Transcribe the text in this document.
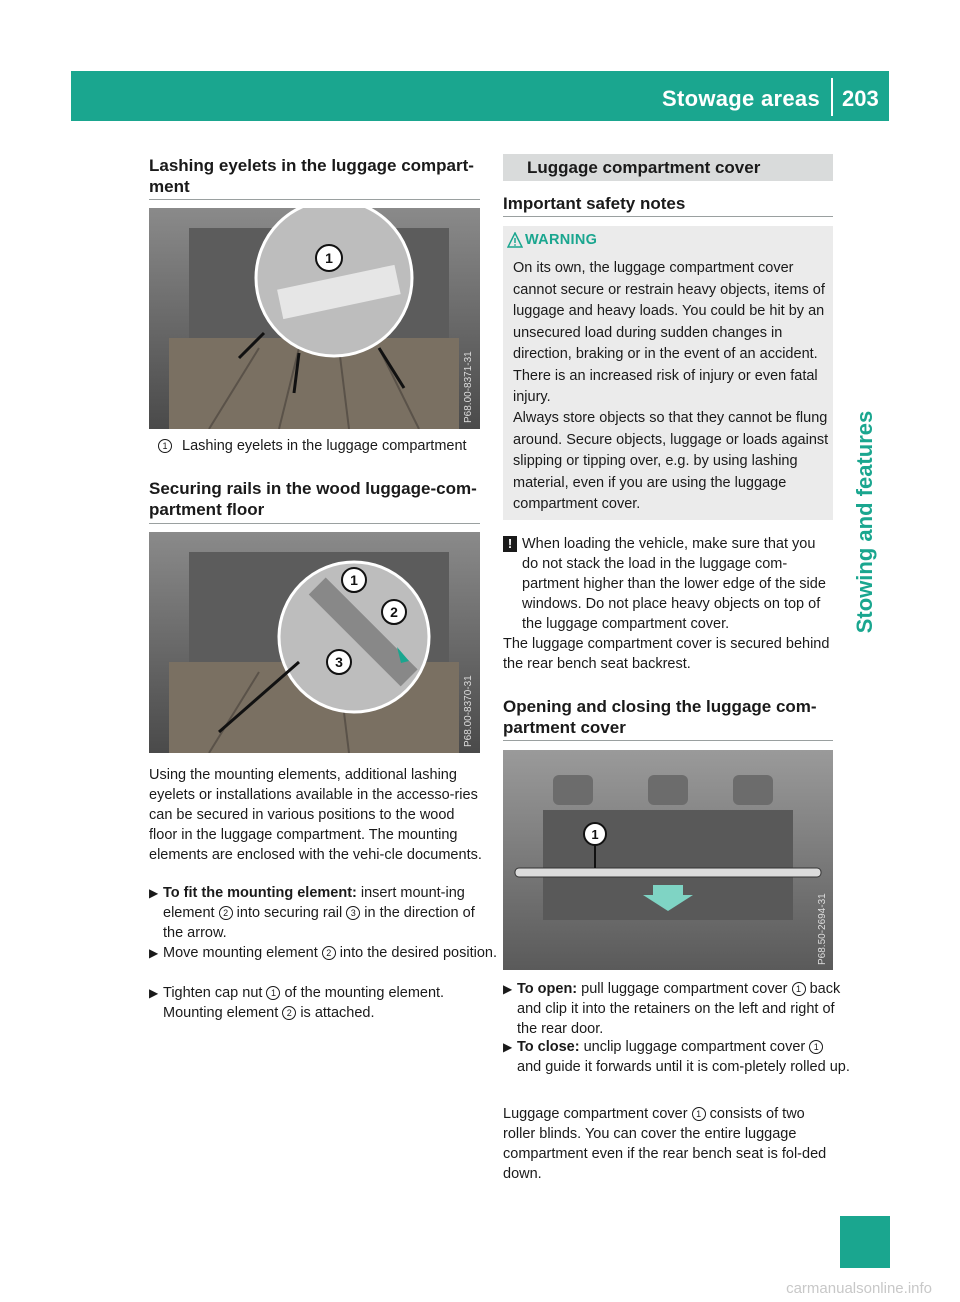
Stowage areas 203
Stowing and features
Lashing eyelets in the luggage compart-
ment
1
P68.00-8371-31
1 Lashing eyelets in the luggage compartment
Securing rails in the wood luggage-com-
partment floor
1
2
3
P68.00-8370-31

Using the mounting elements, additional lashing eyelets or installations available in the accesso-ries can be secured in various positions to the wood floor in the luggage compartment. The mounting elements are enclosed with the vehi-cle documents.

▶ To fit the mounting element: insert mount-ing element 2 into securing rail 3 in the direction of the arrow.
▶ Move mounting element 2 into the desired position.
▶ Tighten cap nut 1 of the mounting element. Mounting element 2 is attached.
Luggage compartment cover
Important safety notes
WARNING
On its own, the luggage compartment cover cannot secure or restrain heavy objects, items of luggage and heavy loads. You could be hit by an unsecured load during sudden changes in direction, braking or in the event of an accident. There is an increased risk of injury or even fatal injury.
Always store objects so that they cannot be flung around. Secure objects, luggage or loads against slipping or tipping over, e.g. by using lashing material, even if you are using the luggage compartment cover.
! When loading the vehicle, make sure that you do not stack the load in the luggage com-partment higher than the lower edge of the side windows. Do not place heavy objects on top of the luggage compartment cover.

The luggage compartment cover is secured behind the rear bench seat backrest.

Opening and closing the luggage com-
partment cover
1
P68.50-2694-31
▶ To open: pull luggage compartment cover 1 back and clip it into the retainers on the left and right of the rear door.
▶ To close: unclip luggage compartment cover 1 and guide it forwards until it is com-pletely rolled up.

Luggage compartment cover 1 consists of two roller blinds. You can cover the entire luggage compartment even if the rear bench seat is fol-ded down.

carmanualsonline.info
